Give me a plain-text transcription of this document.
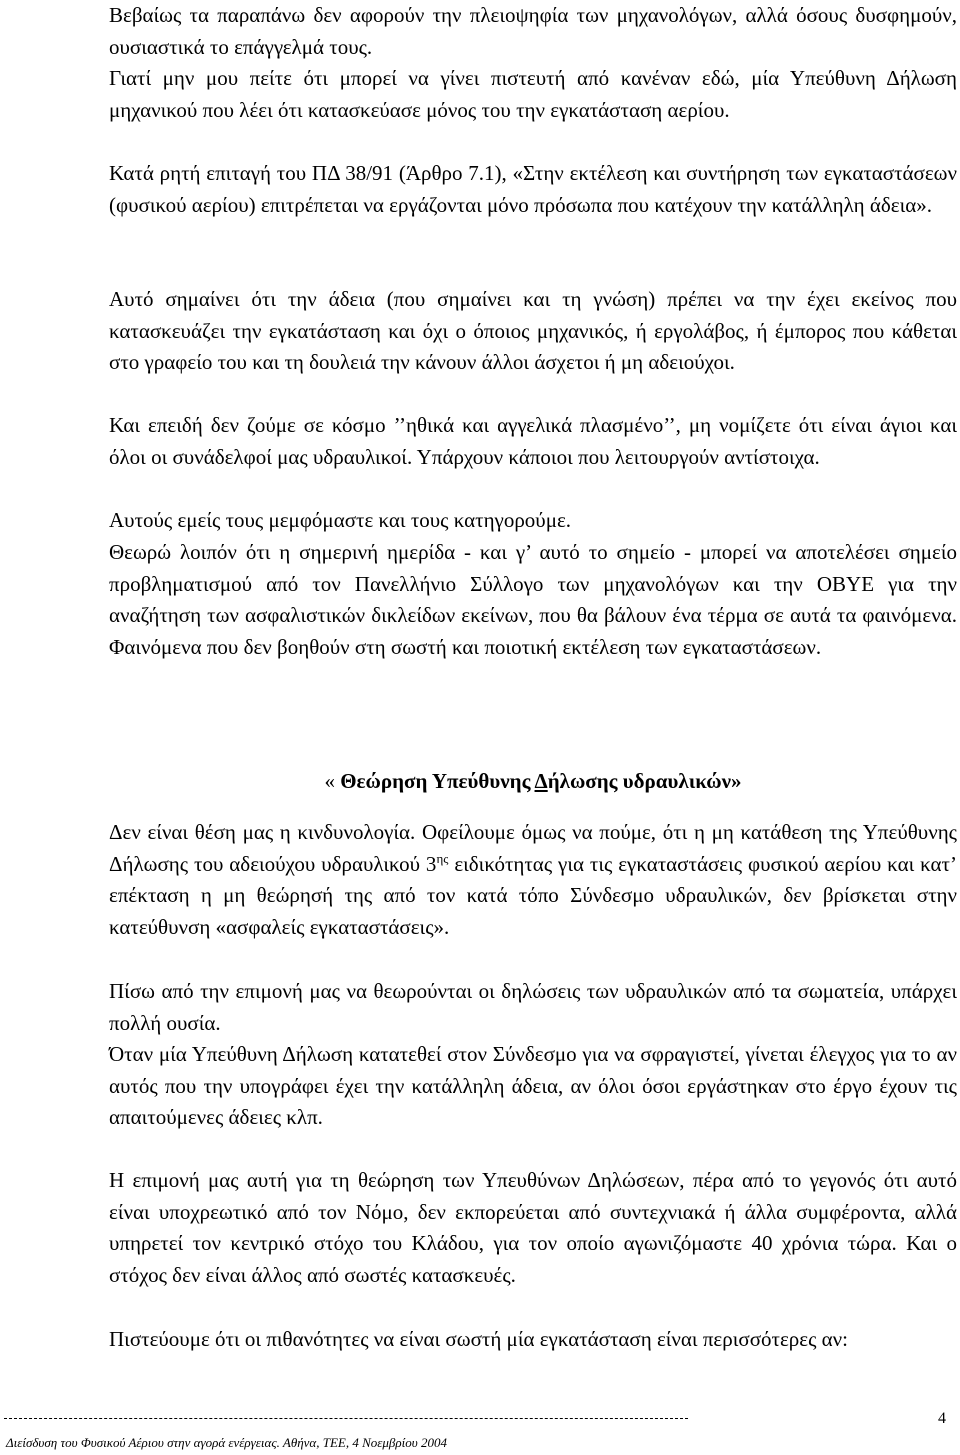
Βεβαίως τα παραπάνω δεν αφορούν την πλειοψηφία των μηχανολόγων, αλλά όσους δυσφημούν, ουσιαστικά το επάγγελμά τους.

Γιατί μην μου πείτε ότι μπορεί να γίνει πιστευτή από κανέναν εδώ, μία Υπεύθυνη Δήλωση μηχανικού που λέει ότι κατασκεύασε μόνος του την εγκατάσταση αερίου.

Κατά ρητή επιταγή του ΠΔ 38/91 (Άρθρο 7.1), «Στην εκτέλεση και συντήρηση των εγκαταστάσεων (φυσικού αερίου) επιτρέπεται να εργάζονται μόνο πρόσωπα που κατέχουν την κατάλληλη άδεια».

Αυτό σημαίνει ότι την άδεια (που σημαίνει και τη γνώση) πρέπει να την έχει εκείνος που κατασκευάζει την εγκατάσταση και όχι ο όποιος μηχανικός, ή εργολάβος, ή έμπορος που κάθεται στο γραφείο του και τη δουλειά την κάνουν άλλοι άσχετοι ή μη αδειούχοι.

Και επειδή δεν ζούμε σε κόσμο ’’ηθικά και αγγελικά πλασμένο’’, μη νομίζετε ότι είναι άγιοι και όλοι οι συνάδελφοί μας υδραυλικοί. Υπάρχουν κάποιοι που λειτουργούν αντίστοιχα.

Αυτούς εμείς τους μεμφόμαστε και τους κατηγορούμε.

Θεωρώ λοιπόν ότι η σημερινή ημερίδα - και γ’ αυτό το σημείο - μπορεί να αποτελέσει σημείο προβληματισμού από τον Πανελλήνιο Σύλλογο των μηχανολόγων και την ΟΒΥΕ για την αναζήτηση των ασφαλιστικών δικλείδων εκείνων, που θα βάλουν ένα τέρμα σε αυτά τα φαινόμενα. Φαινόμενα που δεν βοηθούν στη σωστή και ποιοτική εκτέλεση των εγκαταστάσεων.

« Θεώρηση Υπεύθυνης Δήλωσης υδραυλικών»

Δεν είναι θέση μας η κινδυνολογία. Οφείλουμε όμως να πούμε, ότι η μη κατάθεση της Υπεύθυνης Δήλωσης του αδειούχου υδραυλικού $3^{\eta\varsigma}$ ειδικότητας για τις εγκαταστάσεις φυσικού αερίου και κατ’ επέκταση η μη θεώρησή της από τον κατά τόπο Σύνδεσμο υδραυλικών, δεν βρίσκεται στην κατεύθυνση «ασφαλείς εγκαταστάσεις».

Πίσω από την επιμονή μας να θεωρούνται οι δηλώσεις των υδραυλικών από τα σωματεία, υπάρχει πολλή ουσία.

Όταν μία Υπεύθυνη Δήλωση κατατεθεί στον Σύνδεσμο για να σφραγιστεί, γίνεται έλεγχος για το αν αυτός που την υπογράφει έχει την κατάλληλη άδεια, αν όλοι όσοι εργάστηκαν στο έργο έχουν τις απαιτούμενες άδειες κλπ.

Η επιμονή μας αυτή για τη θεώρηση των Υπευθύνων Δηλώσεων, πέρα από το γεγονός ότι αυτό είναι υποχρεωτικό από τον Νόμο, δεν εκπορεύεται από συντεχνιακά ή άλλα συμφέροντα, αλλά υπηρετεί τον κεντρικό στόχο του Κλάδου, για τον οποίο αγωνιζόμαστε 40 χρόνια τώρα. Και ο στόχος δεν είναι άλλος από σωστές κατασκευές.

Πιστεύουμε ότι οι πιθανότητες να είναι σωστή μία εγκατάσταση είναι περισσότερες αν:

4
Διείσδυση του Φυσικού Αέριου στην αγορά ενέργειας. Αθήνα, ΤΕΕ, 4 Νοεμβρίου 2004
